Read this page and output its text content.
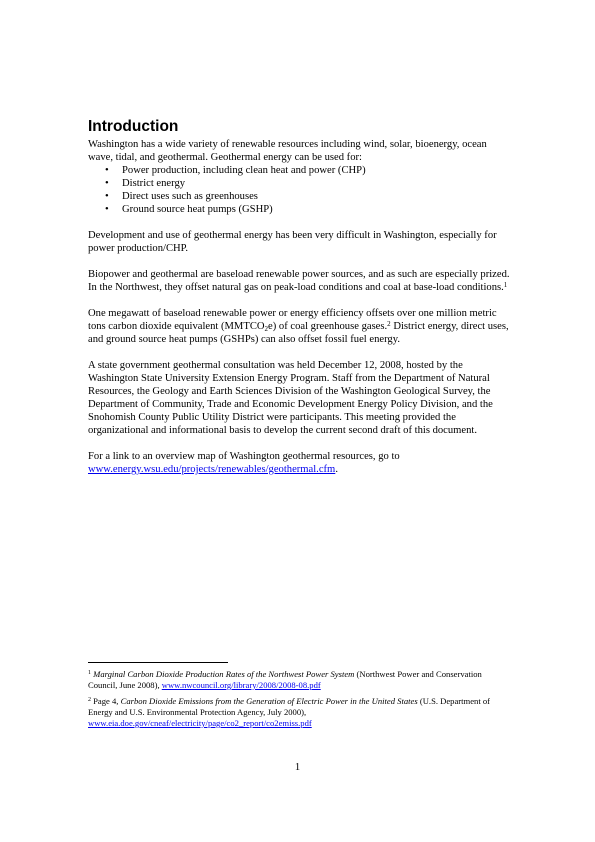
Introduction

Washington has a wide variety of renewable resources including wind, solar, bioenergy, ocean wave, tidal, and geothermal. Geothermal energy can be used for:

• Power production, including clean heat and power (CHP)
• District energy
• Direct uses such as greenhouses
• Ground source heat pumps (GSHP)

Development and use of geothermal energy has been very difficult in Washington, especially for power production/CHP.

Biopower and geothermal are baseload renewable power sources, and as such are especially prized. In the Northwest, they offset natural gas on peak-load conditions and coal at base-load conditions.$^1$

One megawatt of baseload renewable power or energy efficiency offsets over one million metric tons carbon dioxide equivalent $(MMTCO_2e)$ of coal greenhouse gases.$^2$ District energy, direct uses, and ground source heat pumps (GSHPs) can also offset fossil fuel energy.

A state government geothermal consultation was held December 12, 2008, hosted by the Washington State University Extension Energy Program. Staff from the Department of Natural Resources, the Geology and Earth Sciences Division of the Washington Geological Survey, the Department of Community, Trade and Economic Development Energy Policy Division, and the Snohomish County Public Utility District were participants. This meeting provided the organizational and informational basis to develop the current second draft of this document.

For a link to an overview map of Washington geothermal resources, go to www.energy.wsu.edu/projects/renewables/geothermal.cfm.

$^1$ Marginal Carbon Dioxide Production Rates of the Northwest Power System (Northwest Power and Conservation Council, June 2008), www.nwcouncil.org/library/2008/2008-08.pdf

$^2$ Page 4, Carbon Dioxide Emissions from the Generation of Electric Power in the United States (U.S. Department of Energy and U.S. Environmental Protection Agency, July 2000), www.eia.doe.gov/cneaf/electricity/page/co2_report/co2emiss.pdf

1
